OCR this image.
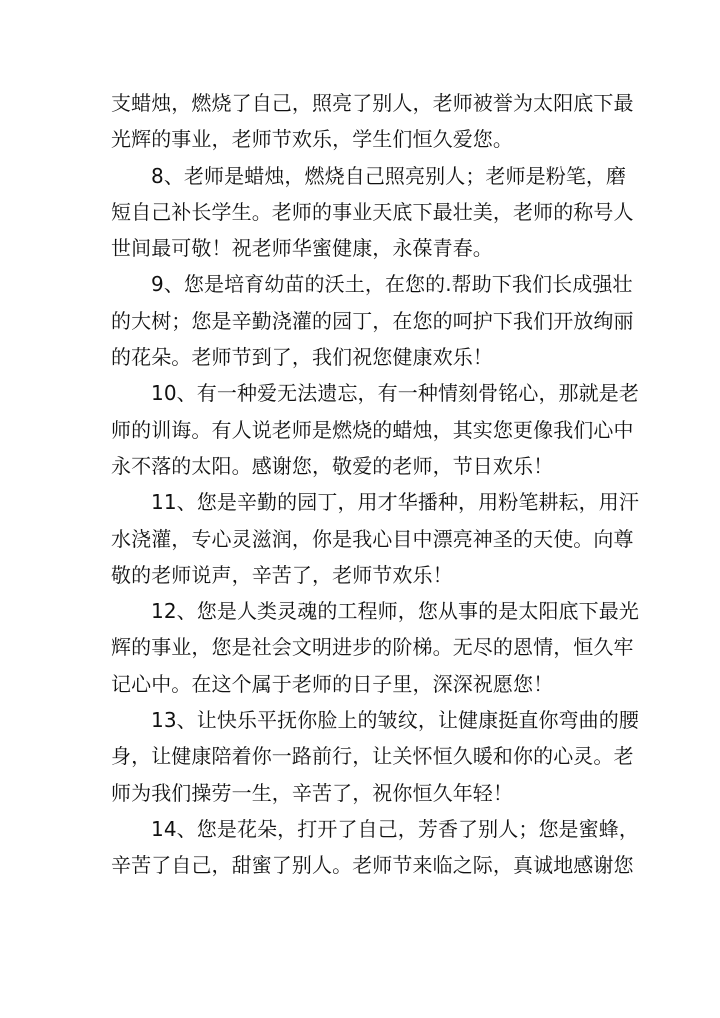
支蜡烛，燃烧了自己，照亮了别人，老师被誉为太阳底下最
光辉的事业，老师节欢乐，学生们恒久爱您。
8、老师是蜡烛，燃烧自己照亮别人；老师是粉笔，磨
短自己补长学生。老师的事业天底下最壮美，老师的称号人
世间最可敬！祝老师华蜜健康，永葆青春。
9、您是培育幼苗的沃土，在您的.帮助下我们长成强壮
的大树；您是辛勤浇灌的园丁，在您的呵护下我们开放绚丽
的花朵。老师节到了，我们祝您健康欢乐！
10、有一种爱无法遗忘，有一种情刻骨铭心，那就是老
师的训诲。有人说老师是燃烧的蜡烛，其实您更像我们心中
永不落的太阳。感谢您，敬爱的老师，节日欢乐！
11、您是辛勤的园丁，用才华播种，用粉笔耕耘，用汗
水浇灌，专心灵滋润，你是我心目中漂亮神圣的天使。向尊
敬的老师说声，辛苦了，老师节欢乐！
12、您是人类灵魂的工程师，您从事的是太阳底下最光
辉的事业，您是社会文明进步的阶梯。无尽的恩情，恒久牢
记心中。在这个属于老师的日子里，深深祝愿您！
13、让快乐平抚你脸上的皱纹，让健康挺直你弯曲的腰
身，让健康陪着你一路前行，让关怀恒久暖和你的心灵。老
师为我们操劳一生，辛苦了，祝你恒久年轻！
14、您是花朵，打开了自己，芳香了别人；您是蜜蜂，
辛苦了自己，甜蜜了别人。老师节来临之际，真诚地感谢您
